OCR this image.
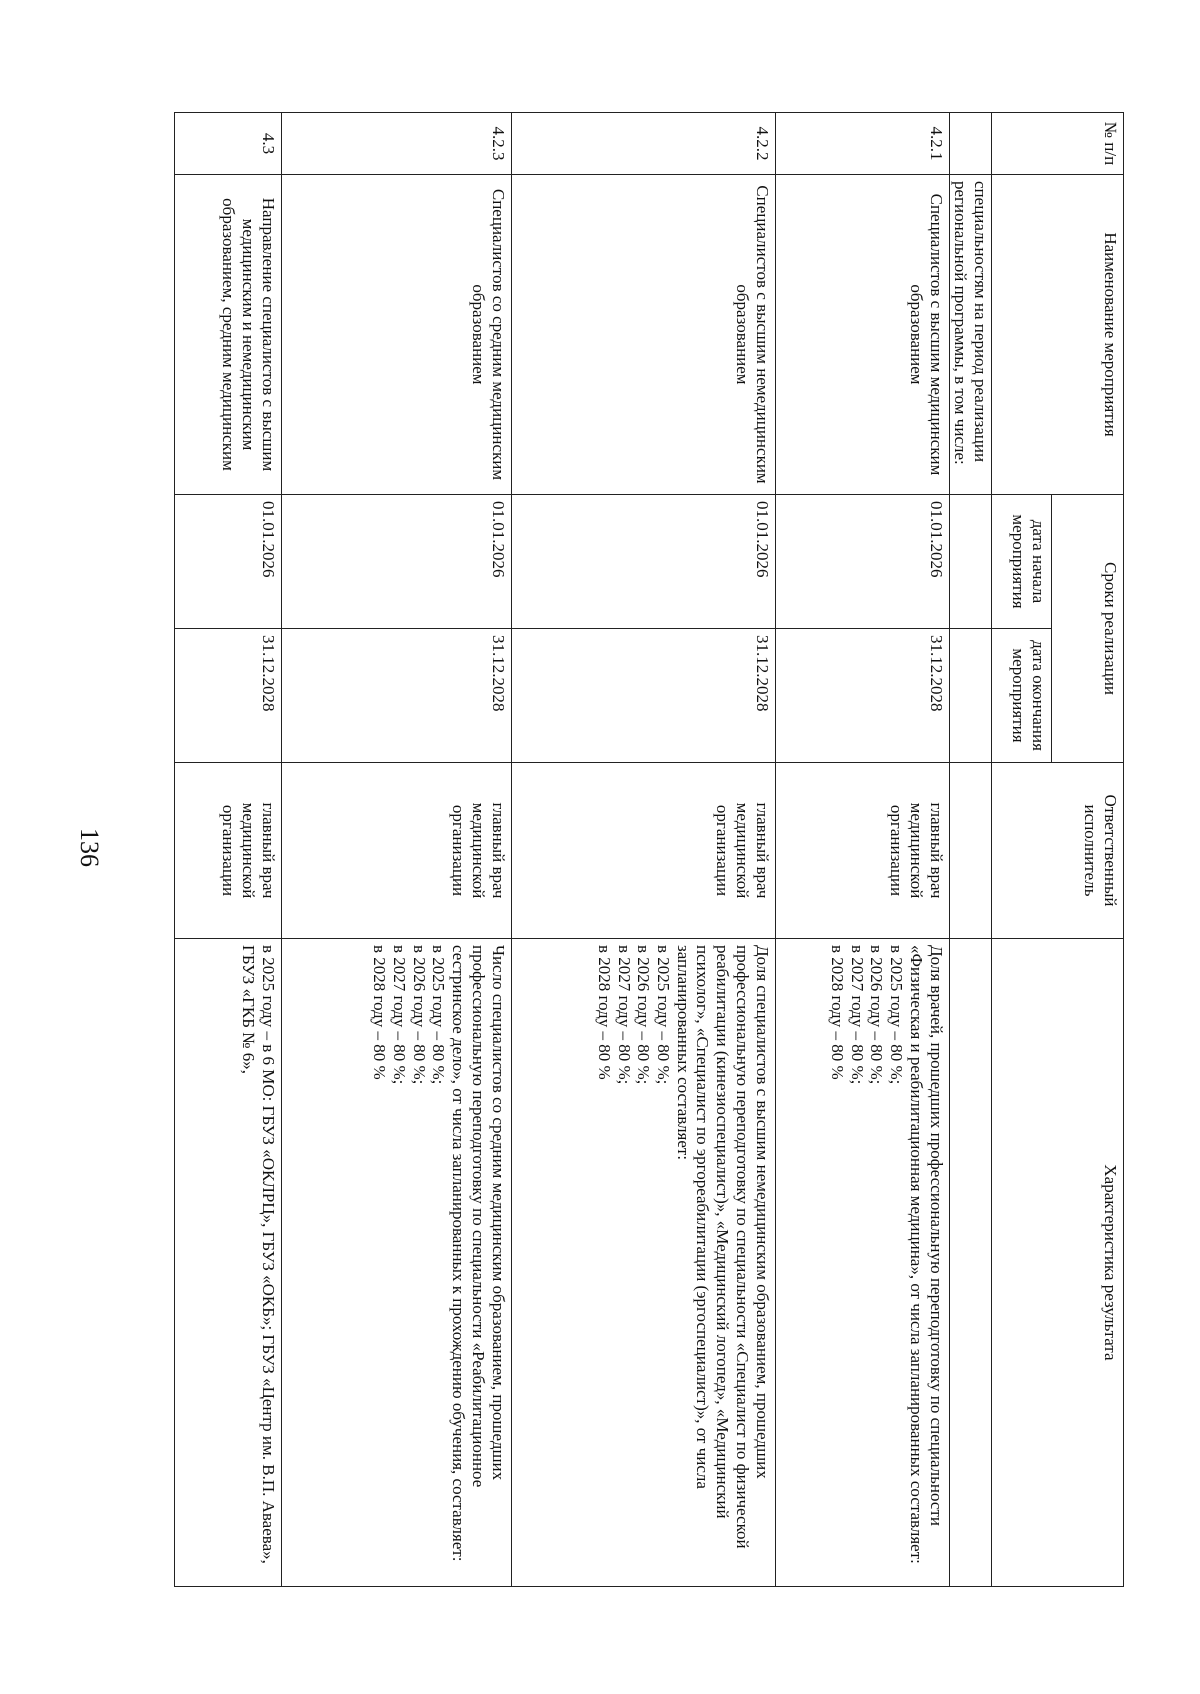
136
№ п/п	Наименование мероприятия	Сроки реализации		Ответственный исполнитель	Характеристика результата
		дата начала мероприятия	дата окончания мероприятия		
	специальностям на период реализации региональной программы, в том числе:				
4.2.1	Специалистов с высшим медицинским образованием	01.01.2026	31.12.2028	главный врач медицинской организации	Доля врачей, прошедших профессиональную переподготовку по специальности «Физическая и реабилитационная медицина», от числа запланированных составляет:
в 2025 году – 80 %;
в 2026 году – 80 %;
в 2027 году – 80 %;
в 2028 году – 80 %

4.2.2	Специалистов с высшим немедицинским образованием	01.01.2026	31.12.2028	главный врач медицинской организации	Доля специалистов с высшим немедицинским образованием, прошедших профессиональную переподготовку по специальности «Специалист по физической реабилитации (кинезиоспециалист)», «Медицинский логопед», «Медицинский психолог», «Специалист по эргореабилитации (эргоспециалист)», от числа запланированных составляет:
в 2025 году – 80 %;
в 2026 году – 80 %;
в 2027 году – 80 %;
в 2028 году – 80 %

4.2.3	Специалистов со средним медицинским образованием	01.01.2026	31.12.2028	главный врач медицинской организации	Число специалистов со средним медицинским образованием, прошедших профессиональную переподготовку по специальности «Реабилитационное сестринское дело», от числа запланированных к прохождению обучения, составляет:
в 2025 году – 80 %;
в 2026 году – 80 %;
в 2027 году – 80 %;
в 2028 году – 80 %

4.3	Направление специалистов с высшим медицинским и немедицинским образованием, средним медицинским	01.01.2026	31.12.2028	главный врач медицинской организации	в 2025 году – в 6 МО: ГБУЗ «ОКЛРЦ», ГБУЗ «ОКБ»; ГБУЗ «Центр им. В.П. Аваева», ГБУЗ «ГКБ № 6»,
